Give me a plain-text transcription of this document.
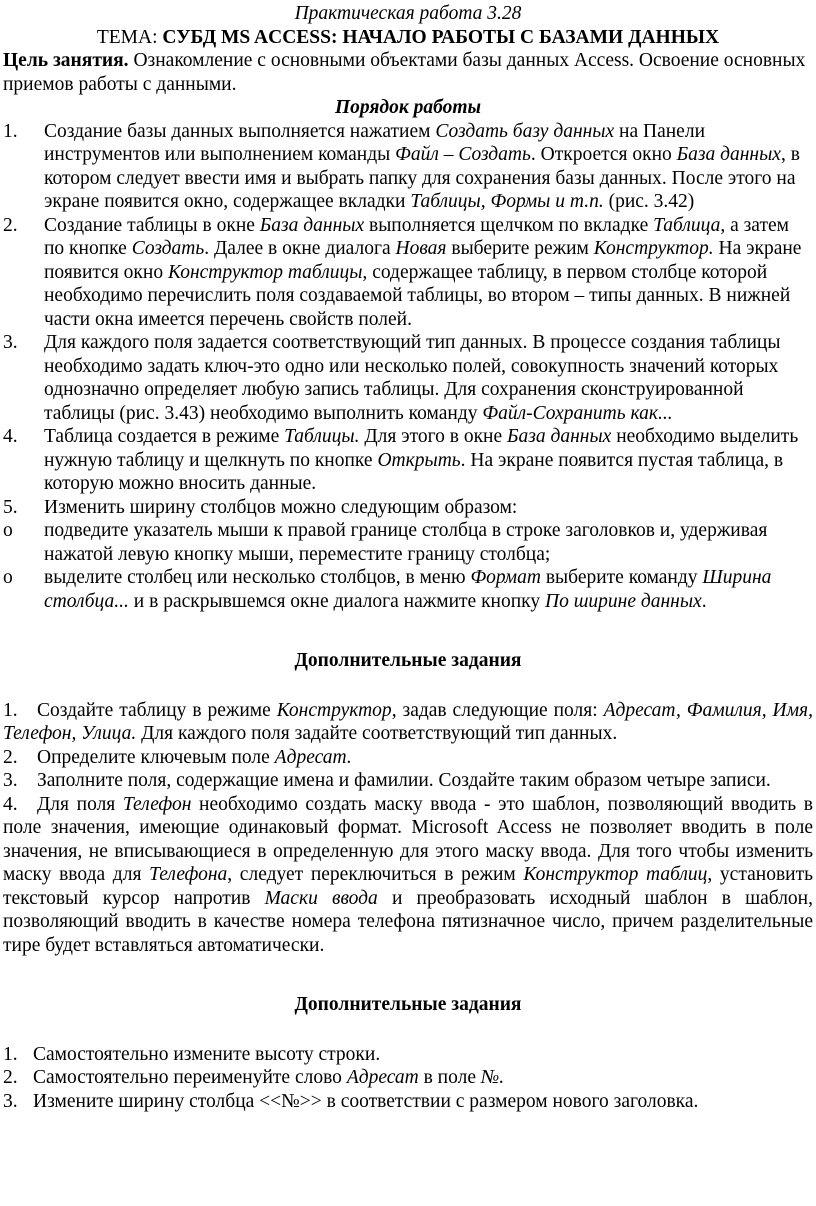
Практическая работа 3.28
ТЕМА: СУБД MS ACCESS: НАЧАЛО РАБОТЫ С БАЗАМИ ДАННЫХ
Цель занятия. Ознакомление с основными объектами базы данных Access. Освоение основных приемов работы с данными.
Порядок работы
1. Создание базы данных выполняется нажатием Создать базу данных на Панели инструментов или выполнением команды Файл – Создать. Откроется окно База данных, в котором следует ввести имя и выбрать папку для сохранения базы данных. После этого на экране появится окно, содержащее вкладки Таблицы, Формы и т.п. (рис. 3.42)
2. Создание таблицы в окне База данных выполняется щелчком по вкладке Таблица, а затем по кнопке Создать. Далее в окне диалога Новая выберите режим Конструктор. На экране появится окно Конструктор таблицы, содержащее таблицу, в первом столбце которой необходимо перечислить поля создаваемой таблицы, во втором – типы данных. В нижней части окна имеется перечень свойств полей.
3. Для каждого поля задается соответствующий тип данных. В процессе создания таблицы необходимо задать ключ-это одно или несколько полей, совокупность значений которых однозначно определяет любую запись таблицы. Для сохранения сконструированной таблицы (рис. 3.43) необходимо выполнить команду Файл-Сохранить как...
4. Таблица создается в режиме Таблицы. Для этого в окне База данных необходимо выделить нужную таблицу и щелкнуть по кнопке Открыть. На экране появится пустая таблица, в которую можно вносить данные.
5. Изменить ширину столбцов можно следующим образом:
o подведите указатель мыши к правой границе столбца в строке заголовков и, удерживая нажатой левую кнопку мыши, переместите границу столбца;
o выделите столбец или несколько столбцов, в меню Формат выберите команду Ширина столбца... и в раскрывшемся окне диалога нажмите кнопку По ширине данных.
Дополнительные задания
1. Создайте таблицу в режиме Конструктор, задав следующие поля: Адресат, Фамилия, Имя, Телефон, Улица. Для каждого поля задайте соответствующий тип данных.
2. Определите ключевым поле Адресат.
3. Заполните поля, содержащие имена и фамилии. Создайте таким образом четыре записи.
4. Для поля Телефон необходимо создать маску ввода - это шаблон, позволяющий вводить в поле значения, имеющие одинаковый формат. Microsoft Access не позволяет вводить в поле значения, не вписывающиеся в определенную для этого маску ввода. Для того чтобы изменить маску ввода для Телефона, следует переключиться в режим Конструктор таблиц, установить текстовый курсор напротив Маски ввода и преобразовать исходный шаблон в шаблон, позволяющий вводить в качестве номера телефона пятизначное число, причем разделительные тире будет вставляться автоматически.
Дополнительные задания
1. Самостоятельно измените высоту строки.
2. Самостоятельно переименуйте слово Адресат в поле №.
3. Измените ширину столбца <<№>> в соответствии с размером нового заголовка.
